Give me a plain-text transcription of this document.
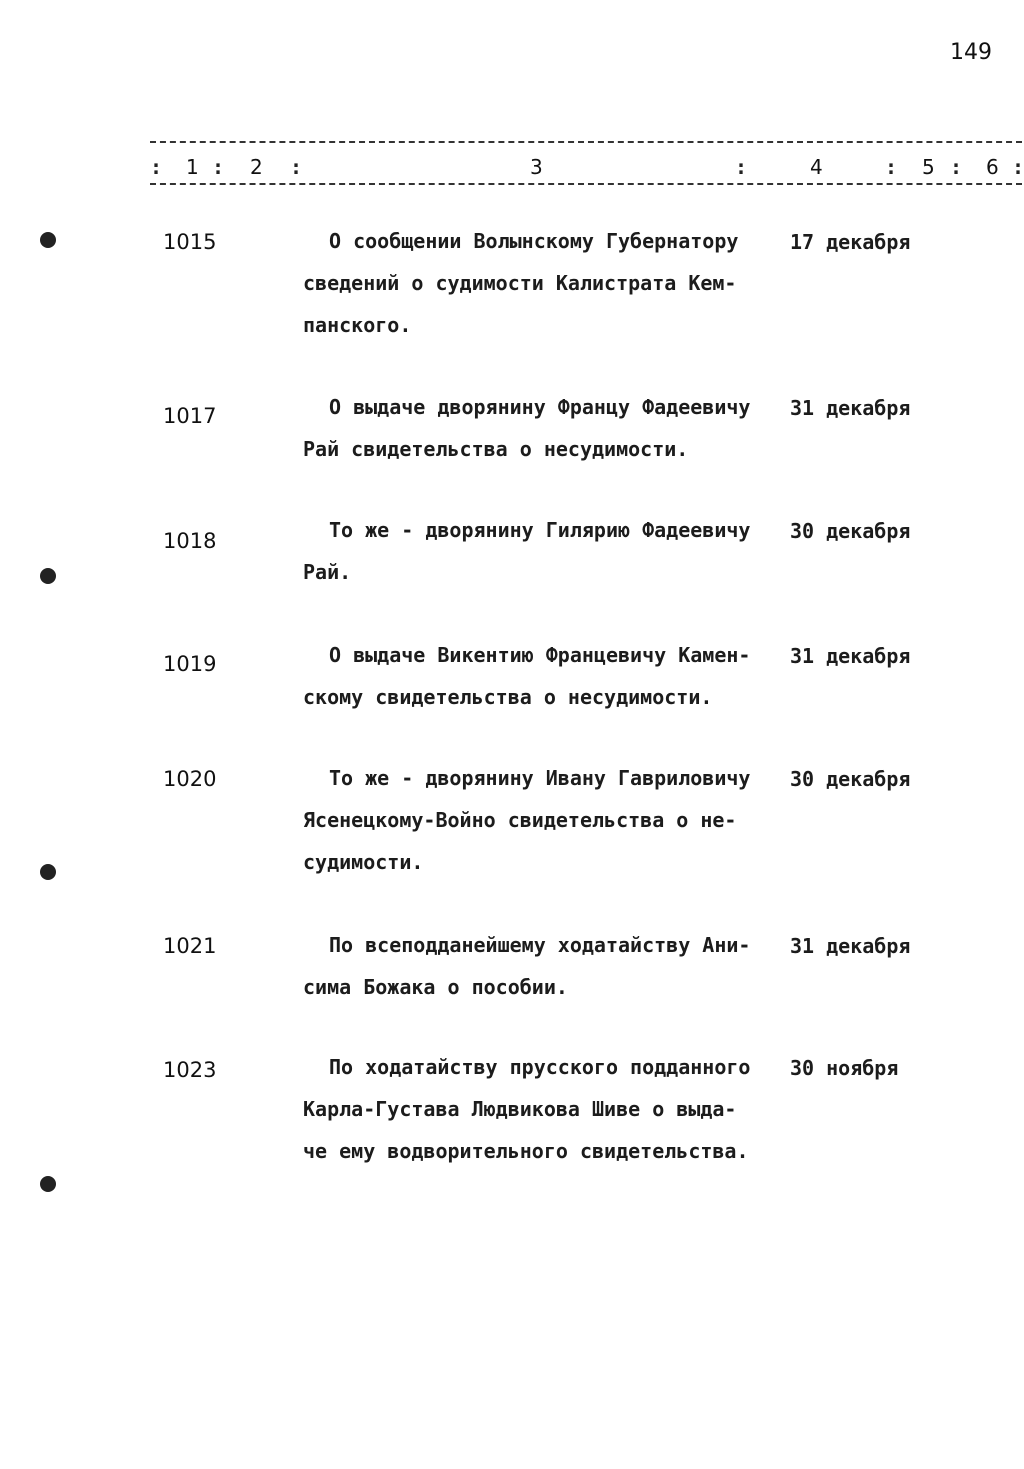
149
: 1 : 2 :	3	:	4	: 5 : 6 :
1015	О сообщении Волынскому Губернатору
сведений о судимости Калистрата Кем-
панского.
17 декабря
1017	О выдаче дворянину Францу Фадеевичу
Рай свидетельства о несудимости.
31 декабря
1018	То же - дворянину Гилярию Фадеевичу
Рай.
30 декабря
1019	О выдаче Викентию Францевичу Камен-
скому свидетельства о несудимости.
31 декабря
1020	То же - дворянину Ивану Гавриловичу
Ясенецкому-Войно свидетельства о не-
судимости.
30 декабря
1021	По всеподданейшему ходатайству Ани-
сима Божака о пособии.
31 декабря
1023	По ходатайству прусского подданного
Карла-Густава Людвикова Шиве о выда-
че ему водворительного свидетельства.
30 ноября
